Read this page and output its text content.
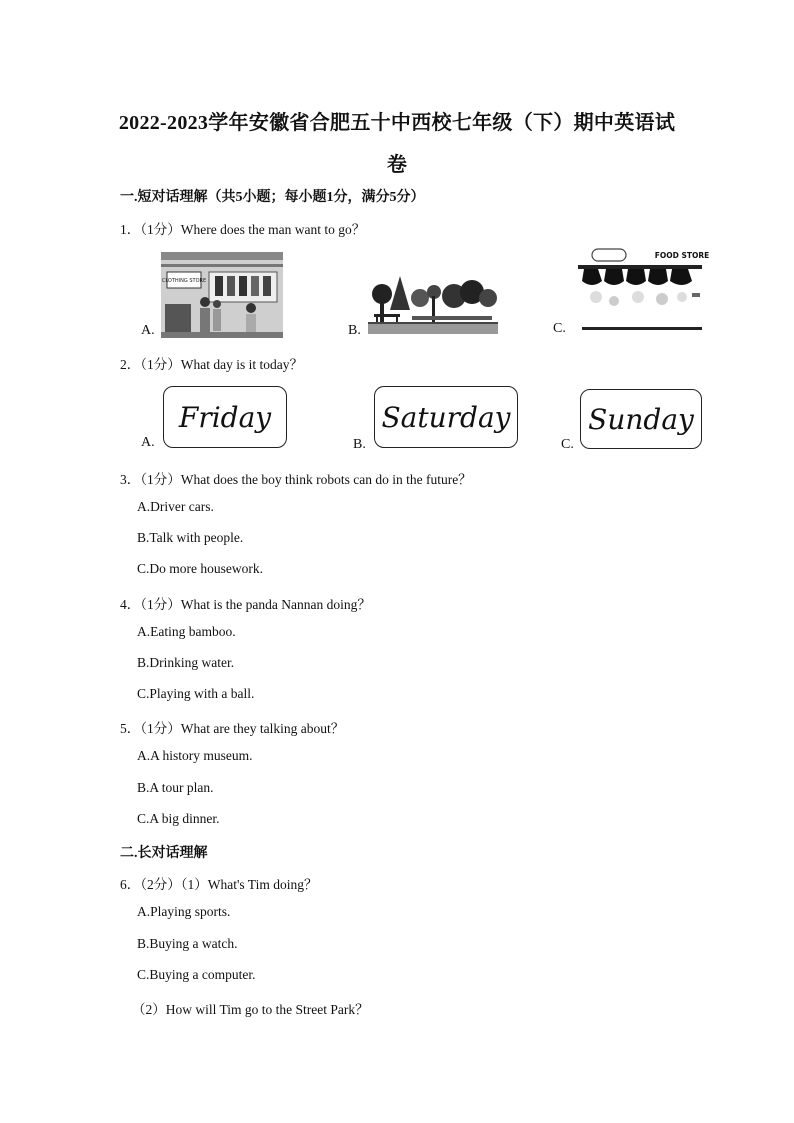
2022-2023学年安徽省合肥五十中西校七年级（下）期中英语试
卷
一.短对话理解（共5小题；每小题1分，满分5分）
1．（1分）Where does the man want to go？
A.
CLOTHING STORE
B.	C.
FOOD STORE
2．（1分）What day is it today？
A.
Friday
B.
Saturday
C.
Sunday
3．（1分）What does the boy think robots can do in the future？
A.Driver cars.
B.Talk with people.
C.Do more housework.
4．（1分）What is the panda Nannan doing？
A.Eating bamboo.
B.Drinking water.
C.Playing with a ball.
5．（1分）What are they talking about？
A.A history museum.
B.A tour plan.
C.A big dinner.
二.长对话理解
6．（2分）（1）What's Tim doing？
A.Playing sports.
B.Buying a watch.
C.Buying a computer.
（2）How will Tim go to the Street Park？
